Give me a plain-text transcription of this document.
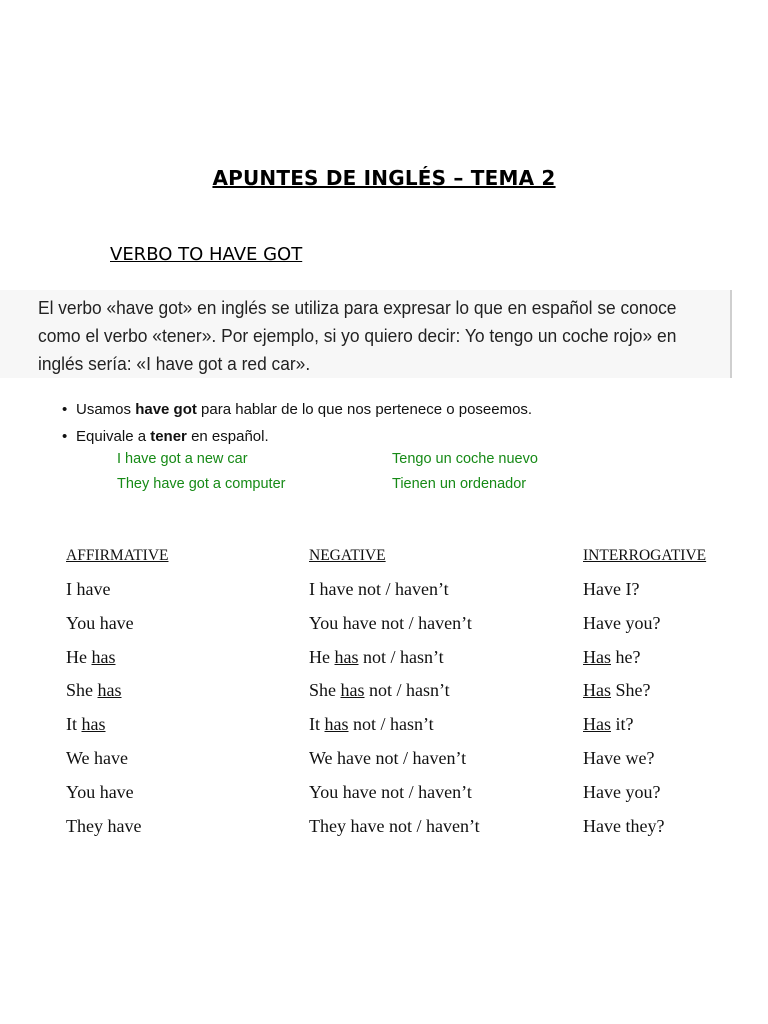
APUNTES DE INGLÉS – TEMA 2
VERBO TO HAVE GOT
El verbo «have got» en inglés se utiliza para expresar lo que en español se conoce
como el verbo «tener». Por ejemplo, si yo quiero decir: Yo tengo un coche rojo» en
inglés sería: «I have got a red car».
• Usamos have got para hablar de lo que nos pertenece o poseemos.
• Equivale a tener en español.
I have got a new car	Tengo un coche nuevo
They have got a computer	Tienen un ordenador
AFFIRMATIVE
I have
You have
He has
She has
It has
We have
You have
They have
NEGATIVE
I have not / haven’t
You have not / haven’t
He has not / hasn’t
She has not / hasn’t
It has not / hasn’t
We have not / haven’t
You have not / haven’t
They have not / haven’t
INTERROGATIVE
Have I?
Have you?
Has he?
Has She?
Has it?
Have we?
Have you?
Have they?
